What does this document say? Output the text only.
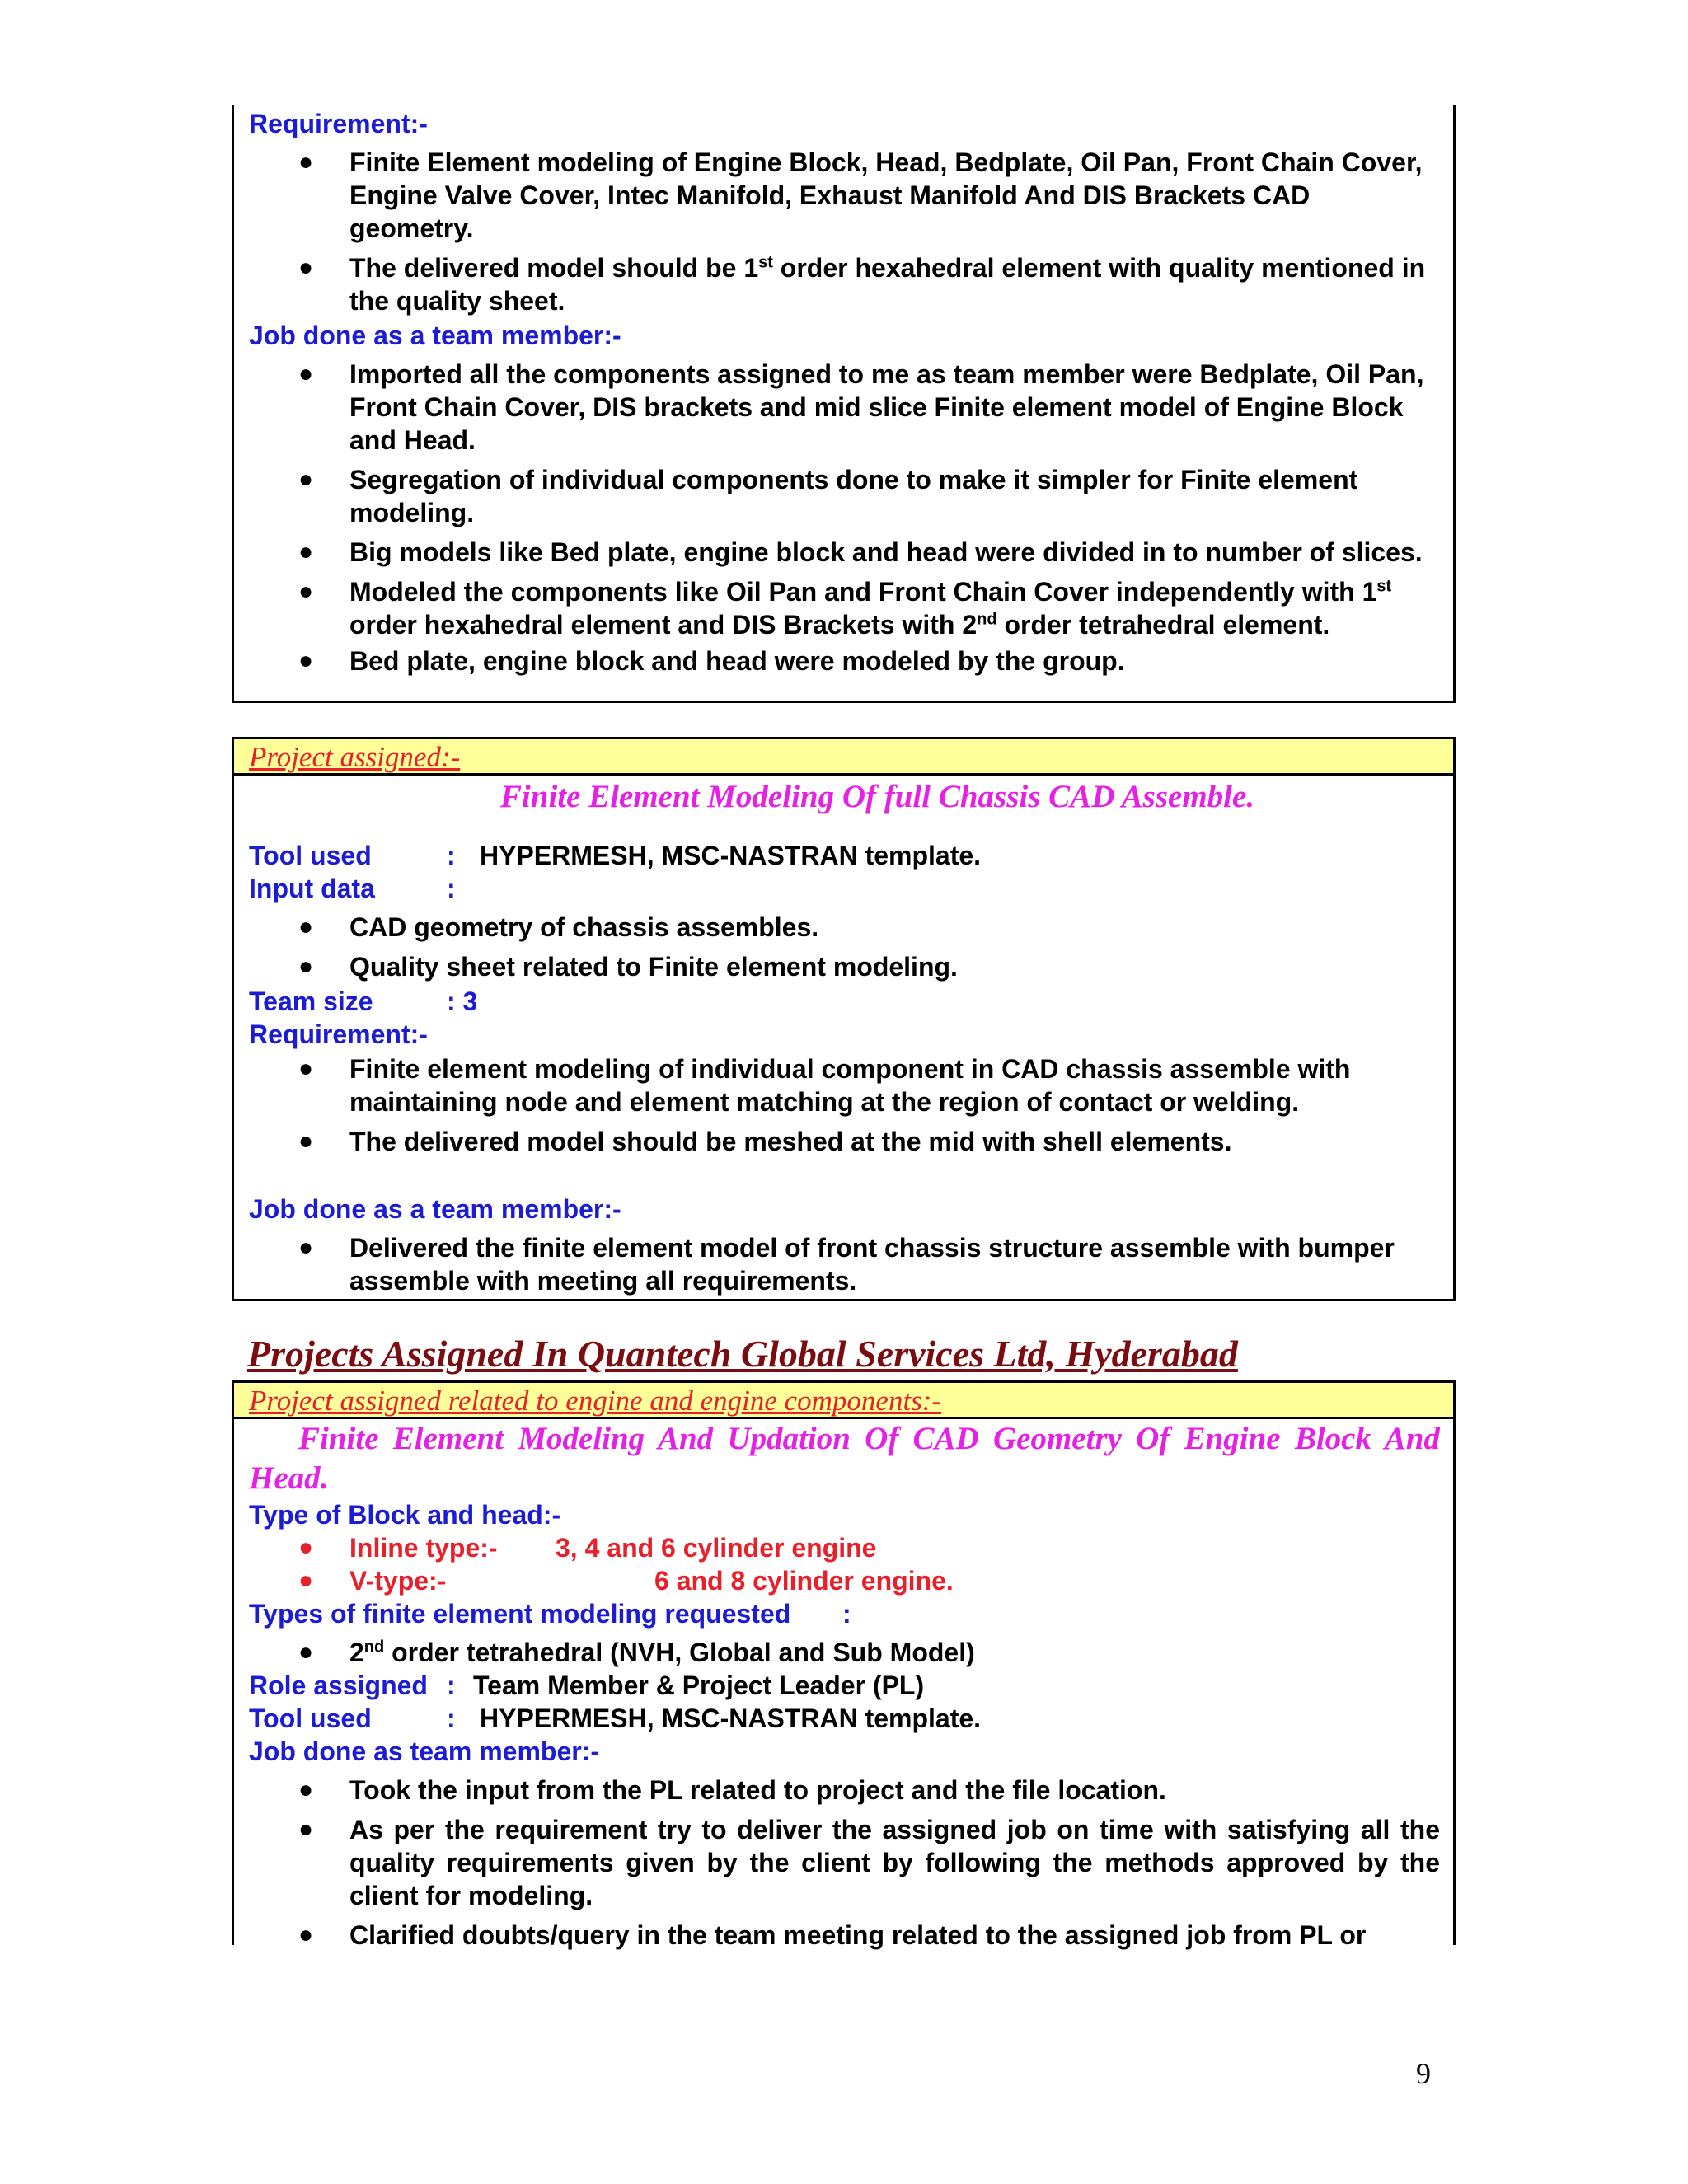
Requirement:-
● Finite Element modeling of Engine Block, Head, Bedplate, Oil Pan, Front Chain Cover, Engine Valve Cover, Intec Manifold, Exhaust Manifold And DIS Brackets CAD geometry.
● The delivered model should be 1st order hexahedral element with quality mentioned in the quality sheet.
Job done as a team member:-
● Imported all the components assigned to me as team member were Bedplate, Oil Pan, Front Chain Cover, DIS brackets and mid slice Finite element model of Engine Block and Head.
● Segregation of individual components done to make it simpler for Finite element modeling.
● Big models like Bed plate, engine block and head were divided in to number of slices.
● Modeled the components like Oil Pan and Front Chain Cover independently with 1st order hexahedral element and DIS Brackets with 2nd order tetrahedral element.
● Bed plate, engine block and head were modeled by the group.
Project assigned:-
Finite Element Modeling Of full Chassis CAD Assemble.
Tool used	: HYPERMESH, MSC-NASTRAN template.
Input data	:
● CAD geometry of chassis assembles.
● Quality sheet related to Finite element modeling.
Team size	: 3
Requirement:-
● Finite element modeling of individual component in CAD chassis assemble with maintaining node and element matching at the region of contact or welding.
● The delivered model should be meshed at the mid with shell elements.
Job done as a team member:-
● Delivered the finite element model of front chassis structure assemble with bumper assemble with meeting all requirements.
Projects Assigned In Quantech Global Services Ltd, Hyderabad
Project assigned related to engine and engine components:-
Finite Element Modeling And Updation Of CAD Geometry Of Engine Block And Head.
Type of Block and head:-
● Inline type:- 3, 4 and 6 cylinder engine
● V-type:-	6 and 8 cylinder engine.
Types of finite element modeling requested :
● 2nd order tetrahedral (NVH, Global and Sub Model)
Role assigned : Team Member & Project Leader (PL)
Tool used	: HYPERMESH, MSC-NASTRAN template.
Job done as team member:-
● Took the input from the PL related to project and the file location.
● As per the requirement try to deliver the assigned job on time with satisfying all the quality requirements given by the client by following the methods approved by the client for modeling.
● Clarified doubts/query in the team meeting related to the assigned job from PL or
9
